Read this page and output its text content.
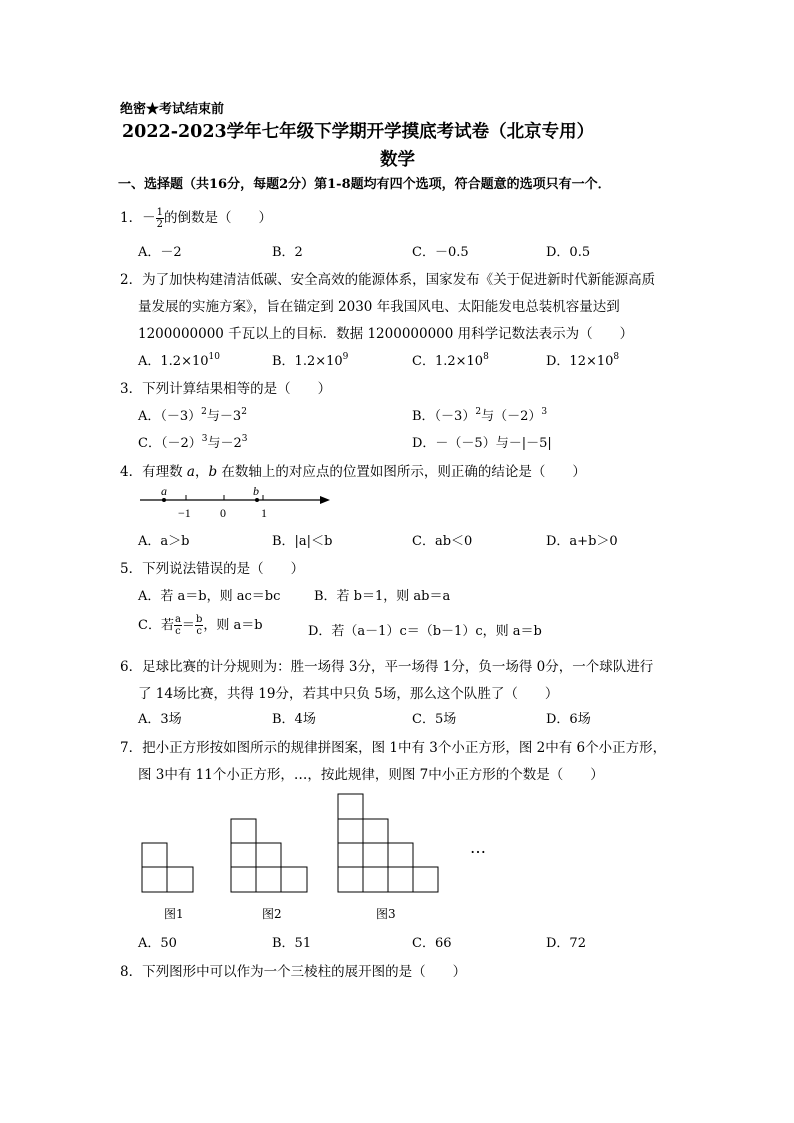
绝密★考试结束前
2022-2023学年七年级下学期开学摸底考试卷（北京专用）
数学
一、选择题（共16分，每题2分）第1-8题均有四个选项，符合题意的选项只有一个．
1．－ $\frac{1}{2}$ 的倒数是（　　）
A．－2	B．2	C．－0.5	D．0.5
2．为了加快构建清洁低碳、安全高效的能源体系，国家发布《关于促进新时代新能源高质
量发展的实施方案》，旨在锚定到 2030 年我国风电、太阳能发电总装机容量达到
1200000000 千瓦以上的目标．数据 1200000000 用科学记数法表示为（　　）
A．$1.2\times 10^{10}$	B．$1.2\times 10^9$	C．$1.2\times 10^8$	D．$12\times 10^8$
3．下列计算结果相等的是（　　）
A．$(-3)^2$与$-3^2$	B．$(-3)^2$与$(-2)^3$
C．$(-2)^3$与$-2^3$	D．－（－5）与－|－5|
4．有理数 a，b 在数轴上的对应点的位置如图所示，则正确的结论是（　　）
a	b
−1 0	1
A．a＞b	B．|a|＜b	C．ab＜0	D．a+b＞0
5．下列说法错误的是（　　）
A．若 a＝b，则 ac＝bc	B．若 b＝1，则 ab＝a
C．若 $\frac{a}{c} = \frac{b}{c}$ ，则 a＝b	D．若（a－1）c＝（b－1）c，则 a＝b
6．足球比赛的计分规则为：胜一场得 3分，平一场得 1分，负一场得 0分，一个球队进行
了 14场比赛，共得 19分，若其中只负 5场，那么这个队胜了（　　）
A．3场	B．4场	C．5场	D．6场
7．把小正方形按如图所示的规律拼图案，图 1中有 3个小正方形，图 2中有 6个小正方形，
图 3中有 11个小正方形，…，按此规律，则图 7中小正方形的个数是（　　）
…
图1	图2	图3
A．50	B．51	C．66	D．72
8．下列图形中可以作为一个三棱柱的展开图的是（　　）
